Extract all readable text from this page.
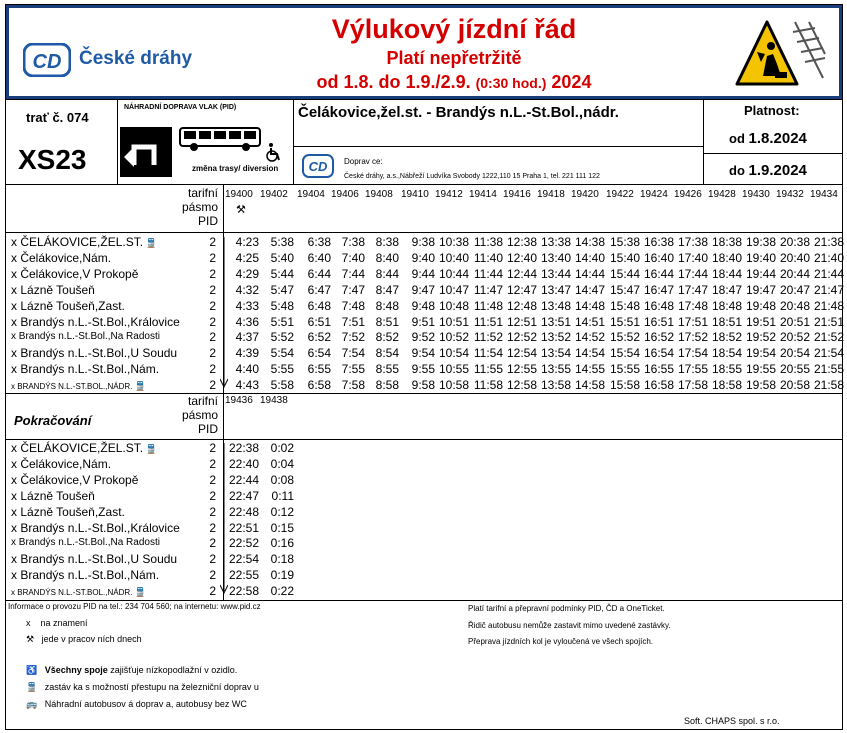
CD České dráhy
Výlukový jízdní řád
Platí nepřetržitě
od 1.8. do 1.9./2.9. (0:30 hod.) 2024
trať č. 074
XS23
NÁHRADNÍ DOPRAVA VLAK (PID)
změna trasy/ diversion
Čelákovice,žel.st. - Brandýs n.L.-St.Bol.,nádr.
CD Doprav ce:
České dráhy, a.s.,Nábřeží Ludvíka Svobody 1222,110 15 Praha 1, tel. 221 111 122
Platnost:
od 1.8.2024
do 1.9.2024
tarifní
pásmo
PID
19400 19402 19404 19406 19408 19410 19412 19414 19416 19418 19420 19422 19424 19426 19428 19430 19432 19434
⚒
x ČELÁKOVICE,ŽEL.ST. 🚆	2	4:23 5:38	6:38 7:38 8:38	9:38 10:38 11:38 12:38 13:38 14:38 15:38 16:38 17:38 18:38 19:38 20:38 21:38
x Čelákovice,Nám.	2	4:25 5:40	6:40 7:40 8:40	9:40 10:40 11:40 12:40 13:40 14:40 15:40 16:40 17:40 18:40 19:40 20:40 21:40
x Čelákovice,V Prokopě	2	4:29 5:44	6:44 7:44 8:44	9:44 10:44 11:44 12:44 13:44 14:44 15:44 16:44 17:44 18:44 19:44 20:44 21:44
x Lázně Toušeň	2	4:32 5:47	6:47 7:47 8:47	9:47 10:47 11:47 12:47 13:47 14:47 15:47 16:47 17:47 18:47 19:47 20:47 21:47
x Lázně Toušeň,Zast.	2	4:33 5:48	6:48 7:48 8:48	9:48 10:48 11:48 12:48 13:48 14:48 15:48 16:48 17:48 18:48 19:48 20:48 21:48
x Brandýs n.L.-St.Bol.,Královice 2	4:36 5:51	6:51 7:51 8:51	9:51 10:51 11:51 12:51 13:51 14:51 15:51 16:51 17:51 18:51 19:51 20:51 21:51
x Brandýs n.L.-St.Bol.,Na Radosti	2	4:37 5:52	6:52 7:52 8:52	9:52 10:52 11:52 12:52 13:52 14:52 15:52 16:52 17:52 18:52 19:52 20:52 21:52
x Brandýs n.L.-St.Bol.,U Soudu	2	4:39 5:54	6:54 7:54 8:54	9:54 10:54 11:54 12:54 13:54 14:54 15:54 16:54 17:54 18:54 19:54 20:54 21:54
x Brandýs n.L.-St.Bol.,Nám.	2	4:40 5:55	6:55 7:55 8:55	9:55 10:55 11:55 12:55 13:55 14:55 15:55 16:55 17:55 18:55 19:55 20:55 21:55
x BRANDÝS N.L.-ST.BOL.,NÁDR. 🚆	2	4:43 5:58	6:58 7:58 8:58	9:58 10:58 11:58 12:58 13:58 14:58 15:58 16:58 17:58 18:58 19:58 20:58 21:58
Pokračování
tarifní
pásmo
PID
19436 19438
x ČELÁKOVICE,ŽEL.ST. 🚆	2	22:38 0:02
x Čelákovice,Nám.	2	22:40 0:04
x Čelákovice,V Prokopě	2	22:44 0:08
x Lázně Toušeň	2	22:47	0:11
x Lázně Toušeň,Zast.	2	22:48 0:12
x Brandýs n.L.-St.Bol.,Královice 2	22:51 0:15
x Brandýs n.L.-St.Bol.,Na Radosti	2	22:52 0:16
x Brandýs n.L.-St.Bol.,U Soudu	2	22:54 0:18
x Brandýs n.L.-St.Bol.,Nám.	2	22:55 0:19
x BRANDÝS N.L.-ST.BOL.,NÁDR. 🚆	2	22:58 0:22
Informace o provozu PID na tel.: 234 704 560; na internetu: www.pid.cz
x na znamení
⚒ jede v pracov ních dnech
♿ Všechny spoje zajišťuje nízkopodlažní v ozidlo.
🚆 zastáv ka s možností přestupu na železniční doprav u
🚌 Náhradní autobusov á doprav a, autobusy bez WC
Platí tarifní a přepravní podmínky PID, ČD a OneTicket.
Řidič autobusu nemůže zastavit mimo uvedené zastávky.
Přeprava jízdních kol je vyloučená ve všech spojích.
Soft. CHAPS spol. s r.o.
